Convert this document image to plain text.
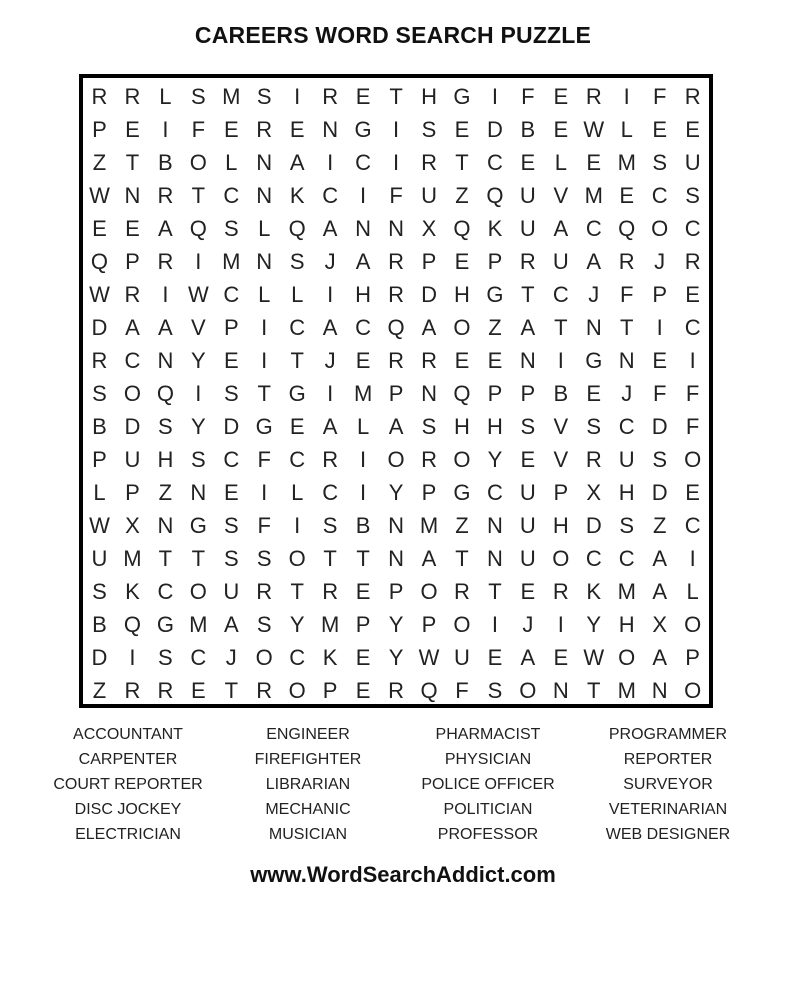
CAREERS WORD SEARCH PUZZLE
R R L S M S	I R E T H G I	F E R I	F R
P E	I	F E R E N G I	S E D B E W L E E
Z T B O L N A	I C I R T C E L E M S U
W N R T C N K C I	F U Z Q U V M E C S
E E A Q S L Q A N N X Q K U A C Q O C
Q P R I M N S J A R P E P R U A R J R
W R I W C L L	I H R D H G T C J F P E
D A A V P	I C A C Q A O Z A T N T	I C
R C N Y E	I	T J E R R E E N I G N E	I
S O Q I	S T G I M P N Q P P B E J F F
B D S Y D G E A L A S H H S V S C D F
P U H S C F C R I O R O Y E V R U S O
L P Z N E	I	L C I	Y P G C U P X H D E
W X N G S F	I	S B N M Z N U H D S Z C
U M T T S S O T T N A T N U O C C A	I
S K C O U R T R E P O R T E R K M A L
B Q G M A S Y M P Y P O I	J	I	Y H X O
D I	S C J O C K E Y W U E A E W O A P
Z R R E T R O P E R Q F S O N T M N O
ACCOUNTANT
CARPENTER
COURT REPORTER
DISC JOCKEY
ELECTRICIAN
ENGINEER
FIREFIGHTER
LIBRARIAN
MECHANIC
MUSICIAN
PHARMACIST
PHYSICIAN
POLICE OFFICER
POLITICIAN
PROFESSOR
PROGRAMMER
REPORTER
SURVEYOR
VETERINARIAN
WEB DESIGNER
www.WordSearchAddict.com
